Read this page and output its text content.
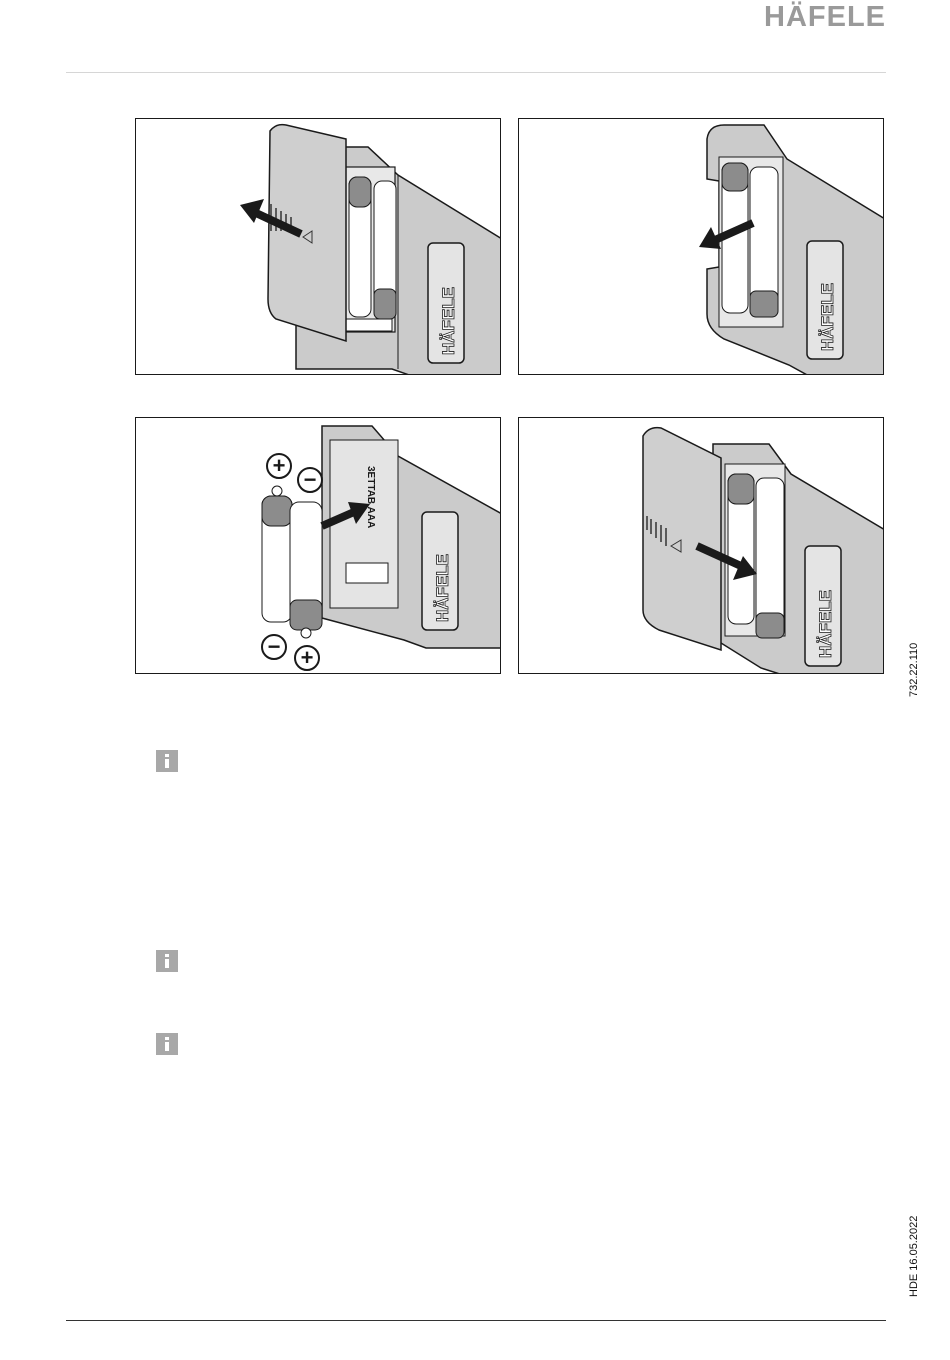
HÄFELE
HÄFELE	HÄFELE
3ETTAB AAA
HÄFELE
+
−
− +	HÄFELE
732.22.110
HDE 16.05.2022
